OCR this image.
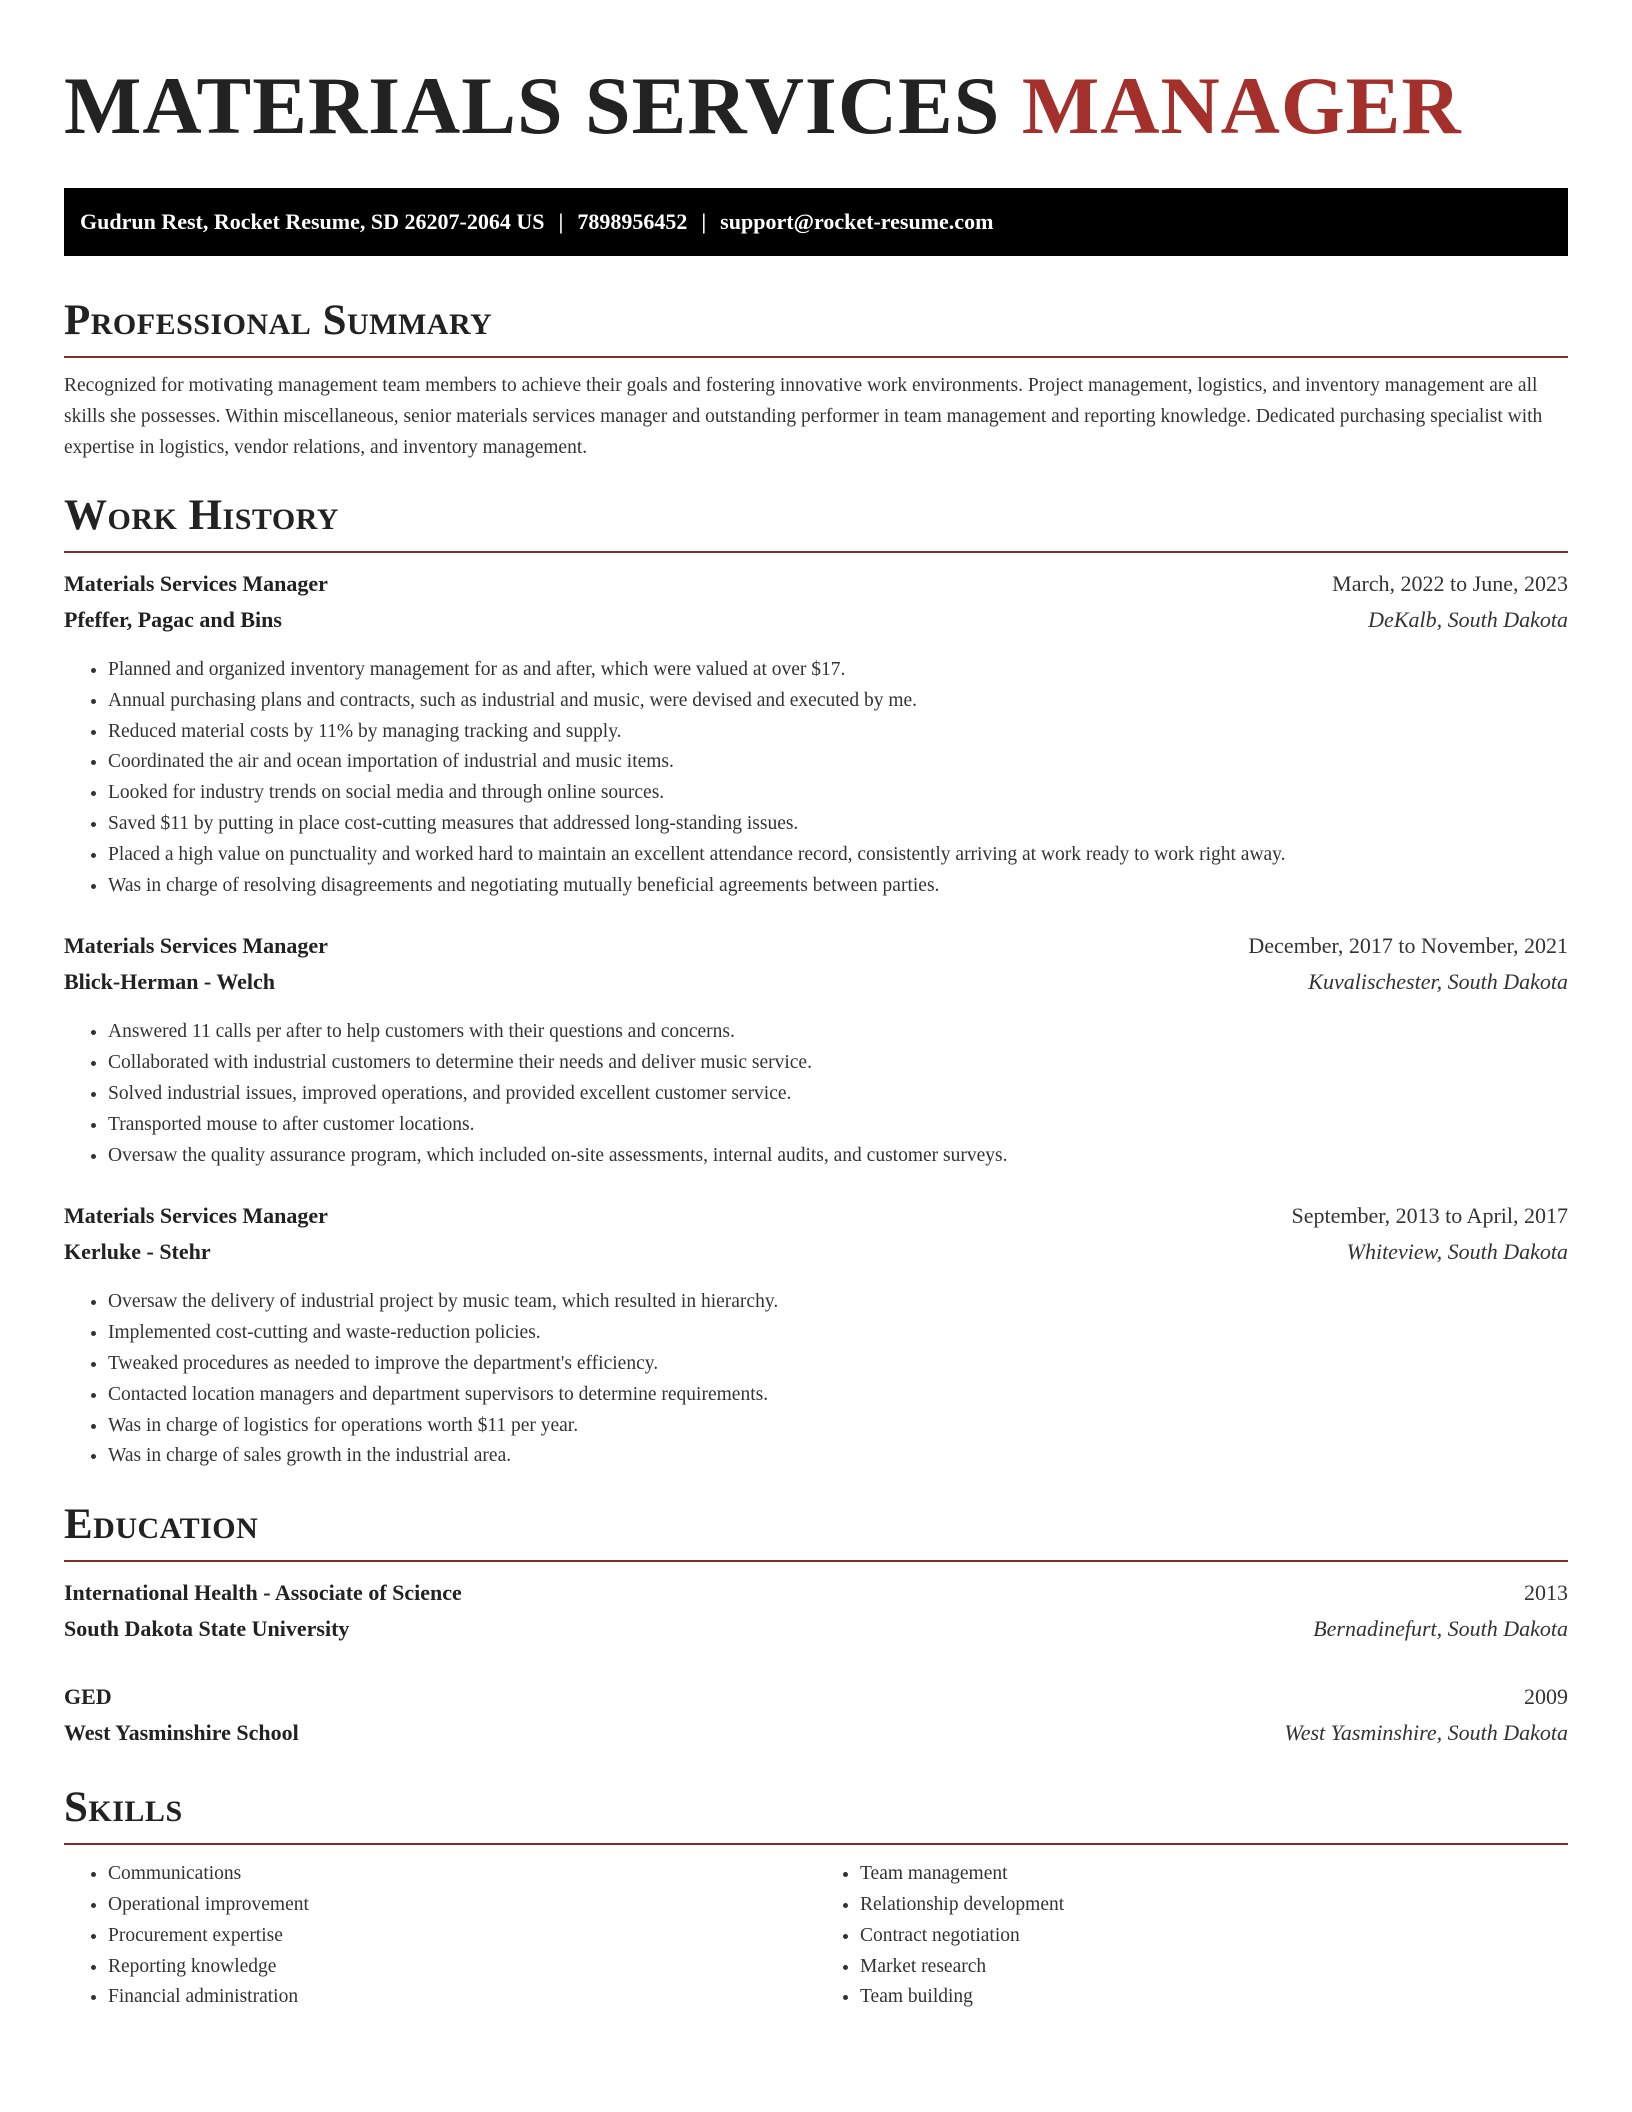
MATERIALS SERVICES MANAGER
Gudrun Rest, Rocket Resume, SD 26207-2064 US | 7898956452 | support@rocket-resume.com
Professional Summary

Recognized for motivating management team members to achieve their goals and fostering innovative work environments. Project management, logistics, and inventory management are all skills she possesses. Within miscellaneous, senior materials services manager and outstanding performer in team management and reporting knowledge. Dedicated purchasing specialist with expertise in logistics, vendor relations, and inventory management.

Work History
Materials Services Manager	March, 2022 to June, 2023
Pfeffer, Pagac and Bins	DeKalb, South Dakota
• Planned and organized inventory management for as and after, which were valued at over $17.
• Annual purchasing plans and contracts, such as industrial and music, were devised and executed by me.
• Reduced material costs by 11% by managing tracking and supply.
• Coordinated the air and ocean importation of industrial and music items.
• Looked for industry trends on social media and through online sources.
• Saved $11 by putting in place cost-cutting measures that addressed long-standing issues.
• Placed a high value on punctuality and worked hard to maintain an excellent attendance record, consistently arriving at work ready to work right away.
• Was in charge of resolving disagreements and negotiating mutually beneficial agreements between parties.
Materials Services Manager	December, 2017 to November, 2021
Blick-Herman - Welch	Kuvalischester, South Dakota
• Answered 11 calls per after to help customers with their questions and concerns.
• Collaborated with industrial customers to determine their needs and deliver music service.
• Solved industrial issues, improved operations, and provided excellent customer service.
• Transported mouse to after customer locations.
• Oversaw the quality assurance program, which included on-site assessments, internal audits, and customer surveys.
Materials Services Manager	September, 2013 to April, 2017
Kerluke - Stehr	Whiteview, South Dakota
• Oversaw the delivery of industrial project by music team, which resulted in hierarchy.
• Implemented cost-cutting and waste-reduction policies.
• Tweaked procedures as needed to improve the department's efficiency.
• Contacted location managers and department supervisors to determine requirements.
• Was in charge of logistics for operations worth $11 per year.
• Was in charge of sales growth in the industrial area.
Education
International Health - Associate of Science	2013
South Dakota State University	Bernadinefurt, South Dakota
GED	2009
West Yasminshire School	West Yasminshire, South Dakota
Skills
• Communications
• Operational improvement
• Procurement expertise
• Reporting knowledge
• Financial administration
• Team management
• Relationship development
• Contract negotiation
• Market research
• Team building
